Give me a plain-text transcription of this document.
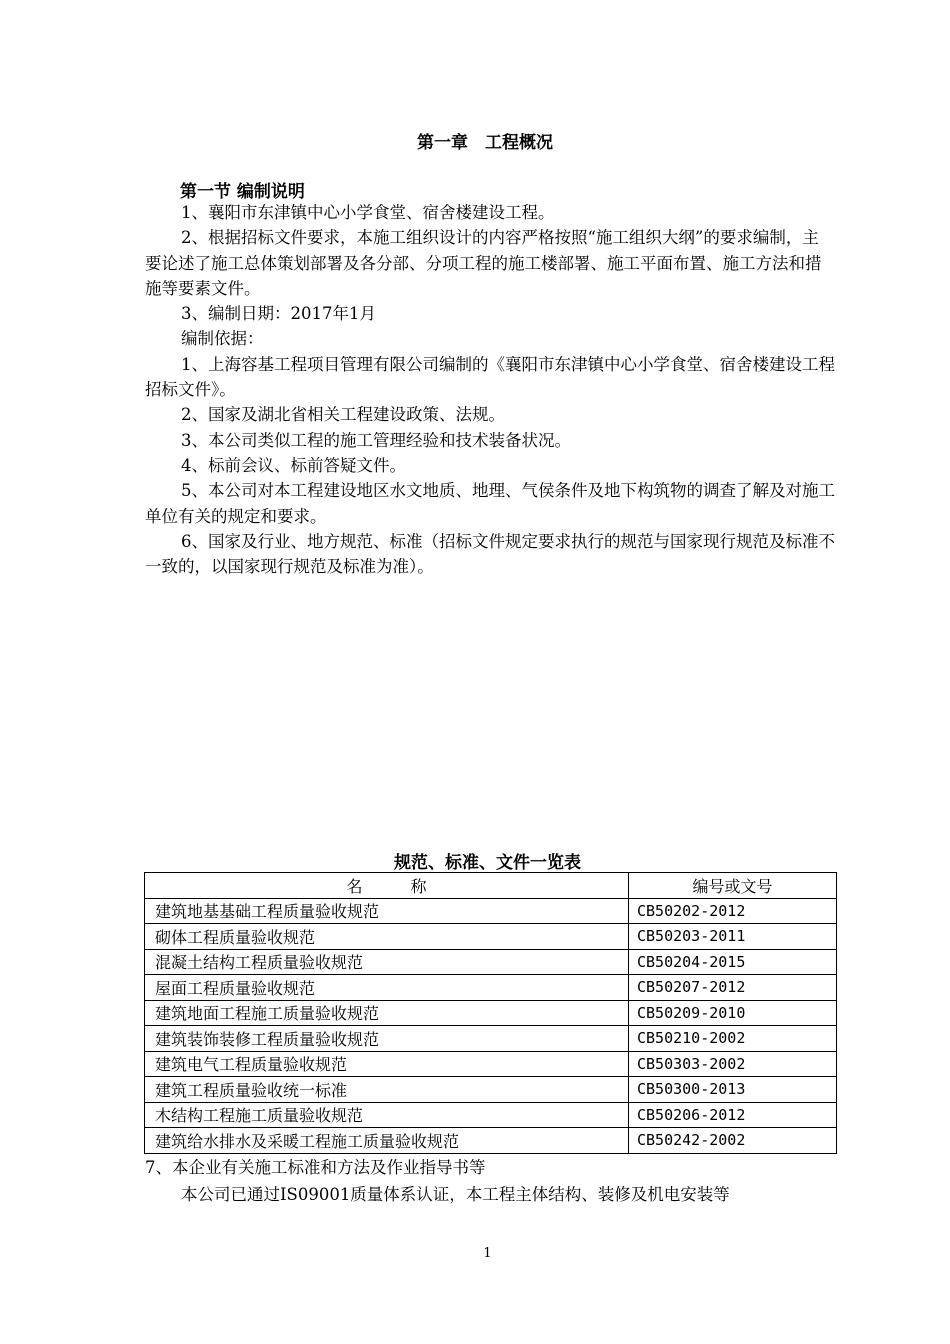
第一章　工程概况
第一节 编制说明

1、襄阳市东津镇中心小学食堂、宿舍楼建设工程。

2、根据招标文件要求，本施工组织设计的内容严格按照“施工组织大纲”的要求编制，主要论述了施工总体策划部署及各分部、分项工程的施工楼部署、施工平面布置、施工方法和措施等要素文件。

3、编制日期：2017年1月

编制依据：

1、上海容基工程项目管理有限公司编制的《襄阳市东津镇中心小学食堂、宿舍楼建设工程招标文件》。

2、国家及湖北省相关工程建设政策、法规。

3、本公司类似工程的施工管理经验和技术装备状况。

4、标前会议、标前答疑文件。

5、本公司对本工程建设地区水文地质、地理、气侯条件及地下构筑物的调查了解及对施工单位有关的规定和要求。

6、国家及行业、地方规范、标准（招标文件规定要求执行的规范与国家现行规范及标准不一致的，以国家现行规范及标准为准）。

规范、标准、文件一览表
名　　　称	编号或文号
建筑地基基础工程质量验收规范	CB50202-2012
砌体工程质量验收规范	CB50203-2011
混凝土结构工程质量验收规范	CB50204-2015
屋面工程质量验收规范	CB50207-2012
建筑地面工程施工质量验收规范	CB50209-2010
建筑装饰装修工程质量验收规范	CB50210-2002
建筑电气工程质量验收规范	CB50303-2002
建筑工程质量验收统一标准	CB50300-2013
木结构工程施工质量验收规范	CB50206-2012
建筑给水排水及采暖工程施工质量验收规范	CB50242-2002

7、本企业有关施工标准和方法及作业指导书等

本公司已通过IS09001质量体系认证，本工程主体结构、装修及机电安装等

1
